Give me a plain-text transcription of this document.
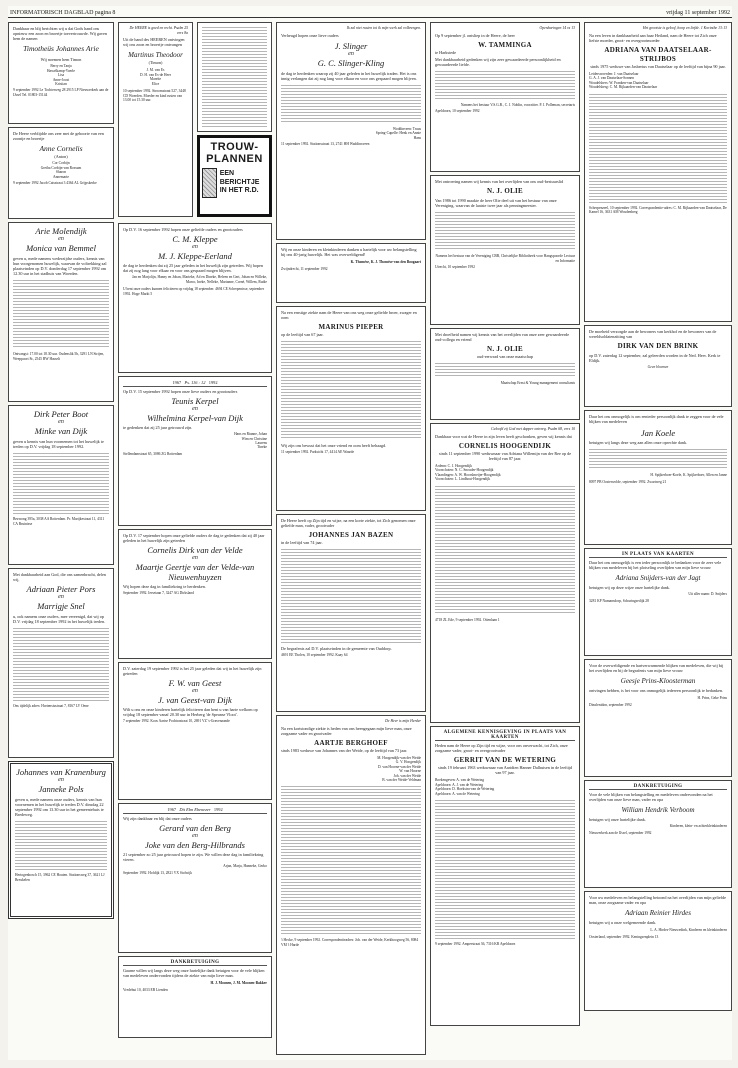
INFORMATORISCH DAGBLAD pagina 8	vrijdag 11 september 1992
Dankbaar en blij berichten wij u dat Gods hand ons opnieuw een zoon en broertje toevertrouwde. Wij gaven hem de namen
Timotheüs Johannes Arie
Wij noemen hem Timon
Berry en Tanja
Hasselkamp-Voerle
Lisa
Anne-Joost
Kristian
9 september 1992 Le Tochterweg 28 2915 LP Nieuwerkerk aan de IJssel Tel. 01803-15144
De Heere verblijdde ons zeer met de geboorte van een zoontje en broertje
Anne Cornelis
(Anton)
Cor Corbijn
Gretha Corbijn-van Rossum
Sharon
Annemarie
9 september 1992 Jacob Catsstraat 3 4364 AL Grijpskerke
Arie Molendijk
en
Monica van Bemmel
geven u, mede namens wederzijdse ouders, kennis van hun voorgenomen huwelijk, waarvan de voltrekking zal plaatsvinden op D.V. donderdag 17 september 1992 om 12.30 uur in het stadhuis van Woerden.
Ontvangst: 17.00 tot 18.30 uur. Oudenslik 5b, 3291 LN Strijen, Weeppoort 8c, 2545 BW Hasselt
Dirk Peter Boot
en
Minke van Dijk
geven u kennis van hun voornemen tot het huwelijk te treden op D.V. vrijdag 18 september 1992.
Bezwong 395a, 3038 AA Rotterdam. Pr. Marijkestraat 11, 4311 CA Bruinisse
Met dankbaarheid aan God, die ons samenbracht, delen wij,
Adriaan Pieter Pors
en
Marrigje Snel
u, ook namens onze ouders, mee vereenigd, dat wij op D.V. vrijdag 18 september 1992 in het huwelijk treden.
Ons tijdelijk adres: Hortensiustraat 7, 8167 LV Oene
Johannes van Kranenburg
en
Janneke Pols
geven u, mede namens onze ouders, kennis van hun voornemen in het huwelijk te treden D.V. dinsdag 22 september 1992 om 13.30 uur in het gemeentehuis te Bredeweg.
Hertogenbosch 15, 3962 CE Houten. Stationsweg 37, 3621 LJ Breukelen
De HEERE is goed en recht. Psalm 25 vers 8a
Uit de hand des HEEREN ontvingen wij ons zoon en broertje ontvangen
Martinus Theodoor
(Timon)
J. M. van Es
D. H. van Es-de Heer
Mareïte
Elice
10 september 1992. Stroomstraat 527, 3448 CD Woerden. Moeder en kind rusten van 13.00 tot 15.30 uur.
TROUW-
PLANNEN
EEN BERICHTJE IN HET R.D.
Op D.V. 16 september 1992 hopen onze geliefde ouders en grootouders
C. M. Kleppe
en
M. J. Kleppe-Eerland
de dag te herdenken dat zij 25 jaar geleden in het huwelijk zijn getreden. Wij hopen dat zij nog lang voor elkaar en voor ons gespaard mogen blijven.
Jan en Marjolijn, Hanny en Johan, Marieke, Ad en Dineke, Heleen en Gert, Johan en Willeke, Marco, Ineke, Nelleke, Marianne, Corné, Willem, Rudie
U bent onze ouders kunnen feliciteren op vrijdag 18 september. 4694 CE Scherpenisse, september 1992. Hoge Markt 5
1967 Ps. 116 : 12 1992
Op D.V. 15 september 1992 hopen onze lieve ouders en grootouders
Teunis Kerpel
en
Wilhelmina Kerpel-van Dijk
te gedenken dat zij 25 jaar getrouwd zijn.
Hans en Rianne, Johan
Wim en Christine
Laurens
Tineke
Stellendamstraat 65, 3086 ZG Rotterdam
Op D.V. 17 september hopen onze geliefde ouders de dag te gedenken dat zij 40 jaar geleden in het huwelijk zijn getreden
Cornelis Dirk van der Velde
en
Maartje Geertje van der Velde-van Nieuwenhuyzen
Wij hopen deze dag in familiekring te herdenken.
September 1992. Iersetaan 7, 3247 AG Dirksland
D.V. zaterdag 19 september 1992 is het 25 jaar geleden dat wij in het huwelijk zijn getreden
F. W. van Geest
en
J. van Geest-van Dijk
Wilt u ons en onze kinderen hartelijk feliciteren dan bent u van harte welkom op vrijdag 18 september vanaf 20.30 uur in Herberg 'de Speanse Vloot'.
7 september 1992. Koos Aartse Pochtrastraat 10, 2691 VZ 's-Gravenzande
1967 Dit Ebn Ebenezer 1992
Wij zijn dankbaar en blij dat onze ouders
Gerard van den Berg
en
Joke van den Berg-Hilbrands
21 september zo 25 jaar getrouwd hopen te zijn. We willen deze dag in familiekring vieren.
Arjan, Marja, Hanneke, Gerko
September 1992. Hofdijk 13, 2821 VX Stolwijk
DANKBETUIGING
Gaarne willen wij langs deze weg onze hartelijke dank betuigen voor de vele blijken van medeleven ondervonden tijdens de ziekte van mijn lieve man.
H. J. Moonen, J. M. Moonen-Bakker
Vredehut 10, 4033 EB Lienden
Ik zal niet rusten tot ik mijn werk zal volbrengen.
Verheugd hopen onze lieve ouders
J. Slinger
en
G. C. Slinger-Kling
de dag te herdenken waarop zij 40 jaar geleden in het huwelijk traden. Het is ons innig verlangen dat zij nog lang voor elkaar en voor ons gespaard mogen blijven.
Woddinveen: Truus
Spring-Capelle: Henk en Annie
Hans
11 september 1992. Stationsstraat 13, 2741 HH Waddinxveen
Wij en onze kinderen en kleinkinderen danken u hartelijk voor uw belangstelling bij ons 40-jarig huwelijk. Het was overweldigend!
K. Thomése, K. J. Thomése-van den Boogaart
Zwijndrecht, 11 september 1992
Na een ernstige ziekte nam de Heere van ons weg onze geliefde broer, zwager en oom
MARINUS PIEPER
op de leeftijd van 67 jaar.
Wij zijn ons bewust dat het onze vriend en oom heeft behaagd.
11 september 1992. Parksicht 17, 4414 AE Waarde
De Heere heeft op Zijn tijd en wijze, na een korte ziekte, tot Zich genomen onze geliefde man, vader, grootvader
JOHANNES JAN BAZEN
in de leeftijd van 74 jaar.
De begrafenis zal D.V. plaatsvinden in de gemeente van Ouddorp.
4691 EE Tholen, 10 september 1992. Kaay 64
De Heer is mijn Herder
Na een kortstondige ziekte is heden van ons heengegaan mijn lieve man, onze zorgzame vader en grootvader
AARTJE BERGHOEF
sinds 1983 weduwe van Johannes van der Weide, op de leeftijd van 73 jaar.
M. Hoogendijk-van der Weide
G. V. Hoogendijk
D. van Hoorne-van der Weide
W. van Hoorne
Joh. van der Weide
B. van der Weide-Veldman
't Hecke, 9 september 1992. Correspondentieadres: Joh. van der Weide, Kerkhoogweg 56, 8084 VM 't Harde
Openbaringen 14 vs 13
Op 9 september jl. ontsliep in de Heere, de heer
W. TAMMINGA
te Harkstede
Met dankbaarheid gedenken wij zijn zeer gewaardeerde persoonlijkheid en gewaardeerde liefde.
Namens het bestuur V.S.G.B., C. J. Noblin, voorzitter. P. J. Polleman, secretaris
Apeldoorn, 10 september 1992
Met ontroering namen wij kennis van het overlijden van ons oud-bestuurslid
N. J. OLIE
Van 1986 tot 1990 maakte de heer Olie deel uit van het bestuur van onze Vereniging, waarvan de laatste twee jaar als penningmeester.
Namens het bestuur van de Vereniging CBB, Christelijke Bibliotheek voor Hangspoorde Lectuur en Informatie
Utrecht, 10 september 1992
Met droefheid namen wij kennis van het overlijden van onze zeer gewaardeerde oud-collega en vriend
N. J. OLIE
oud-eerwrad van onze maatschap
Maatschap Ernst & Young management consultants
Geloofd zij God met dapper ontvreg. Psalm 68, vers 10
Dankbaar voor wat de Heere in zijn leven heeft geschonken, geven wij kennis dat
CORNELIS HOOGENDIJK
sinds 11 september 1990 weduwnaar van Adriana Willemijn van der Ree op de leeftijd van 87 jaar.
Ardenn: C. J. Hoogendijk
Voorschoten: N. C. Snouder-Hoogendijk
Vlaardingen: A. W. Hoorslmeijer-Hoogendijk
Voorschoten: L. Lindhout-Hoogendijk
4718 ZL Ede, 9 september 1992. Ottenlaan 1
ALGEMENE KENNISGEVING IN PLAATS VAN KAARTEN
Heden nam de Heere op Zijn tijd en wijze, voor ons onverwacht, tot Zich, onze zorgzame vader, groot- en overgrootvader
GERRIT VAN DE WETERING
sinds 19 februari 1963 weduwnaar van Aartdien Hanner Dalhuisen in de leeftijd van 97 jaar.
Boekengeven: A. van de Wetering
Apeldoorn: A. J. van de Wetering
Apeldoorn: D. Hoekstra-van de Wetering
Apeldoorn: A. van de Wetering
9 september 1992. Amperstraat 36, 7316 KR Apeldoorn
Het grootste is geloof, hoop en liefde. 1 Korinthe 13:13
Na een leven in dankbaarheid aan haar Heiland, nam de Heere tot Zich onze liefste moeder, groot- en overgrootmoeder
ADRIANA VAN DAATSELAAR-STRIJBOS
sinds 1975 weduwe van Jasbertus van Daatselaar op de leeftijd van bijna 90 jaar.
Leiderswoerden: J. van Daatselaar
G. A. J. van Daatselaar-Sonnen
Woudelsbers: W. Franken-van Daatselaar
Woudelsberg: C. M. Rijkaarden-van Daatselaar
Scherpenzeel, 10 september 1992. Correspondentie-adres: C. M. Rijkaarden-van Daatselaar, De Kamel 16, 3631 AM Woudenberg
De moeheid verzorgde aan de bewoners van kerkhof en de bewoners van de wereldsoldatenzitting van
DIRK VAN DEN BRINK
op D.V. zaterdag 12 september, zal geleerden worden in de Ned. Herv. Kerk te Eldijk.
Geen bloemen
Daar het ons onmogelijk is om eenieder persoonlijk dank te zeggen voor de vele blijken van medeleven
Jan Koele
betuigen wij langs deze weg aan allen onze oprechte dank.
H. Spijkerboer-Koele, K. Spijkerboer, Allen en Janne
8097 PB Oosterwolde, september 1992. Zwartweg 21
IN PLAATS VAN KAARTEN
Daar het ons onmogelijk is een ieder persoonlijk te bedanken voor de zeer vele blijken van medeleven bij het plotseling overlijden van mijn lieve vrouw
Adriana Snijders-van der Jagt
betuigen wij op deze wijze onze hartelijke dank.
Uit aller naam: D. Snijders
3281 KP Numansdorp, Schuringsedijk 28
Voor de overweldigende en hartverwarmende blijken van medeleven, die wij bij het overlijden en bij de begrafenis van mijn lieve vrouw
Geesje Prins-Kloosterman
ontvingen hebben, is het voor ons onmogelijk iedereen persoonlijk te bedanken.
H. Prins, Geke Prins
Dinxlenidon, september 1992
DANKBETUIGING
Voor de vele blijken van belangstelling en medeleven ondervonden na het overlijden van onze lieve man, vader en opa
William Hendrik Verboom
betuigen wij onze hartelijke dank.
Kinderen, klein- en achterkleinkinderen
Nieuwerkerk aan de IJssel, september 1992
Voor uw medeleven en belangstelling betoond na het overlijden van mijn geliefde man, onze zorgzame vader en opa
Adriaan Reinier Hirdes
betuigen wij u onze welgemeende dank.
L. A. Hirdes-Nieuwedink, Kinderen en kleinkinderen
Oosterland, september 1992. Keningsenplein 13
